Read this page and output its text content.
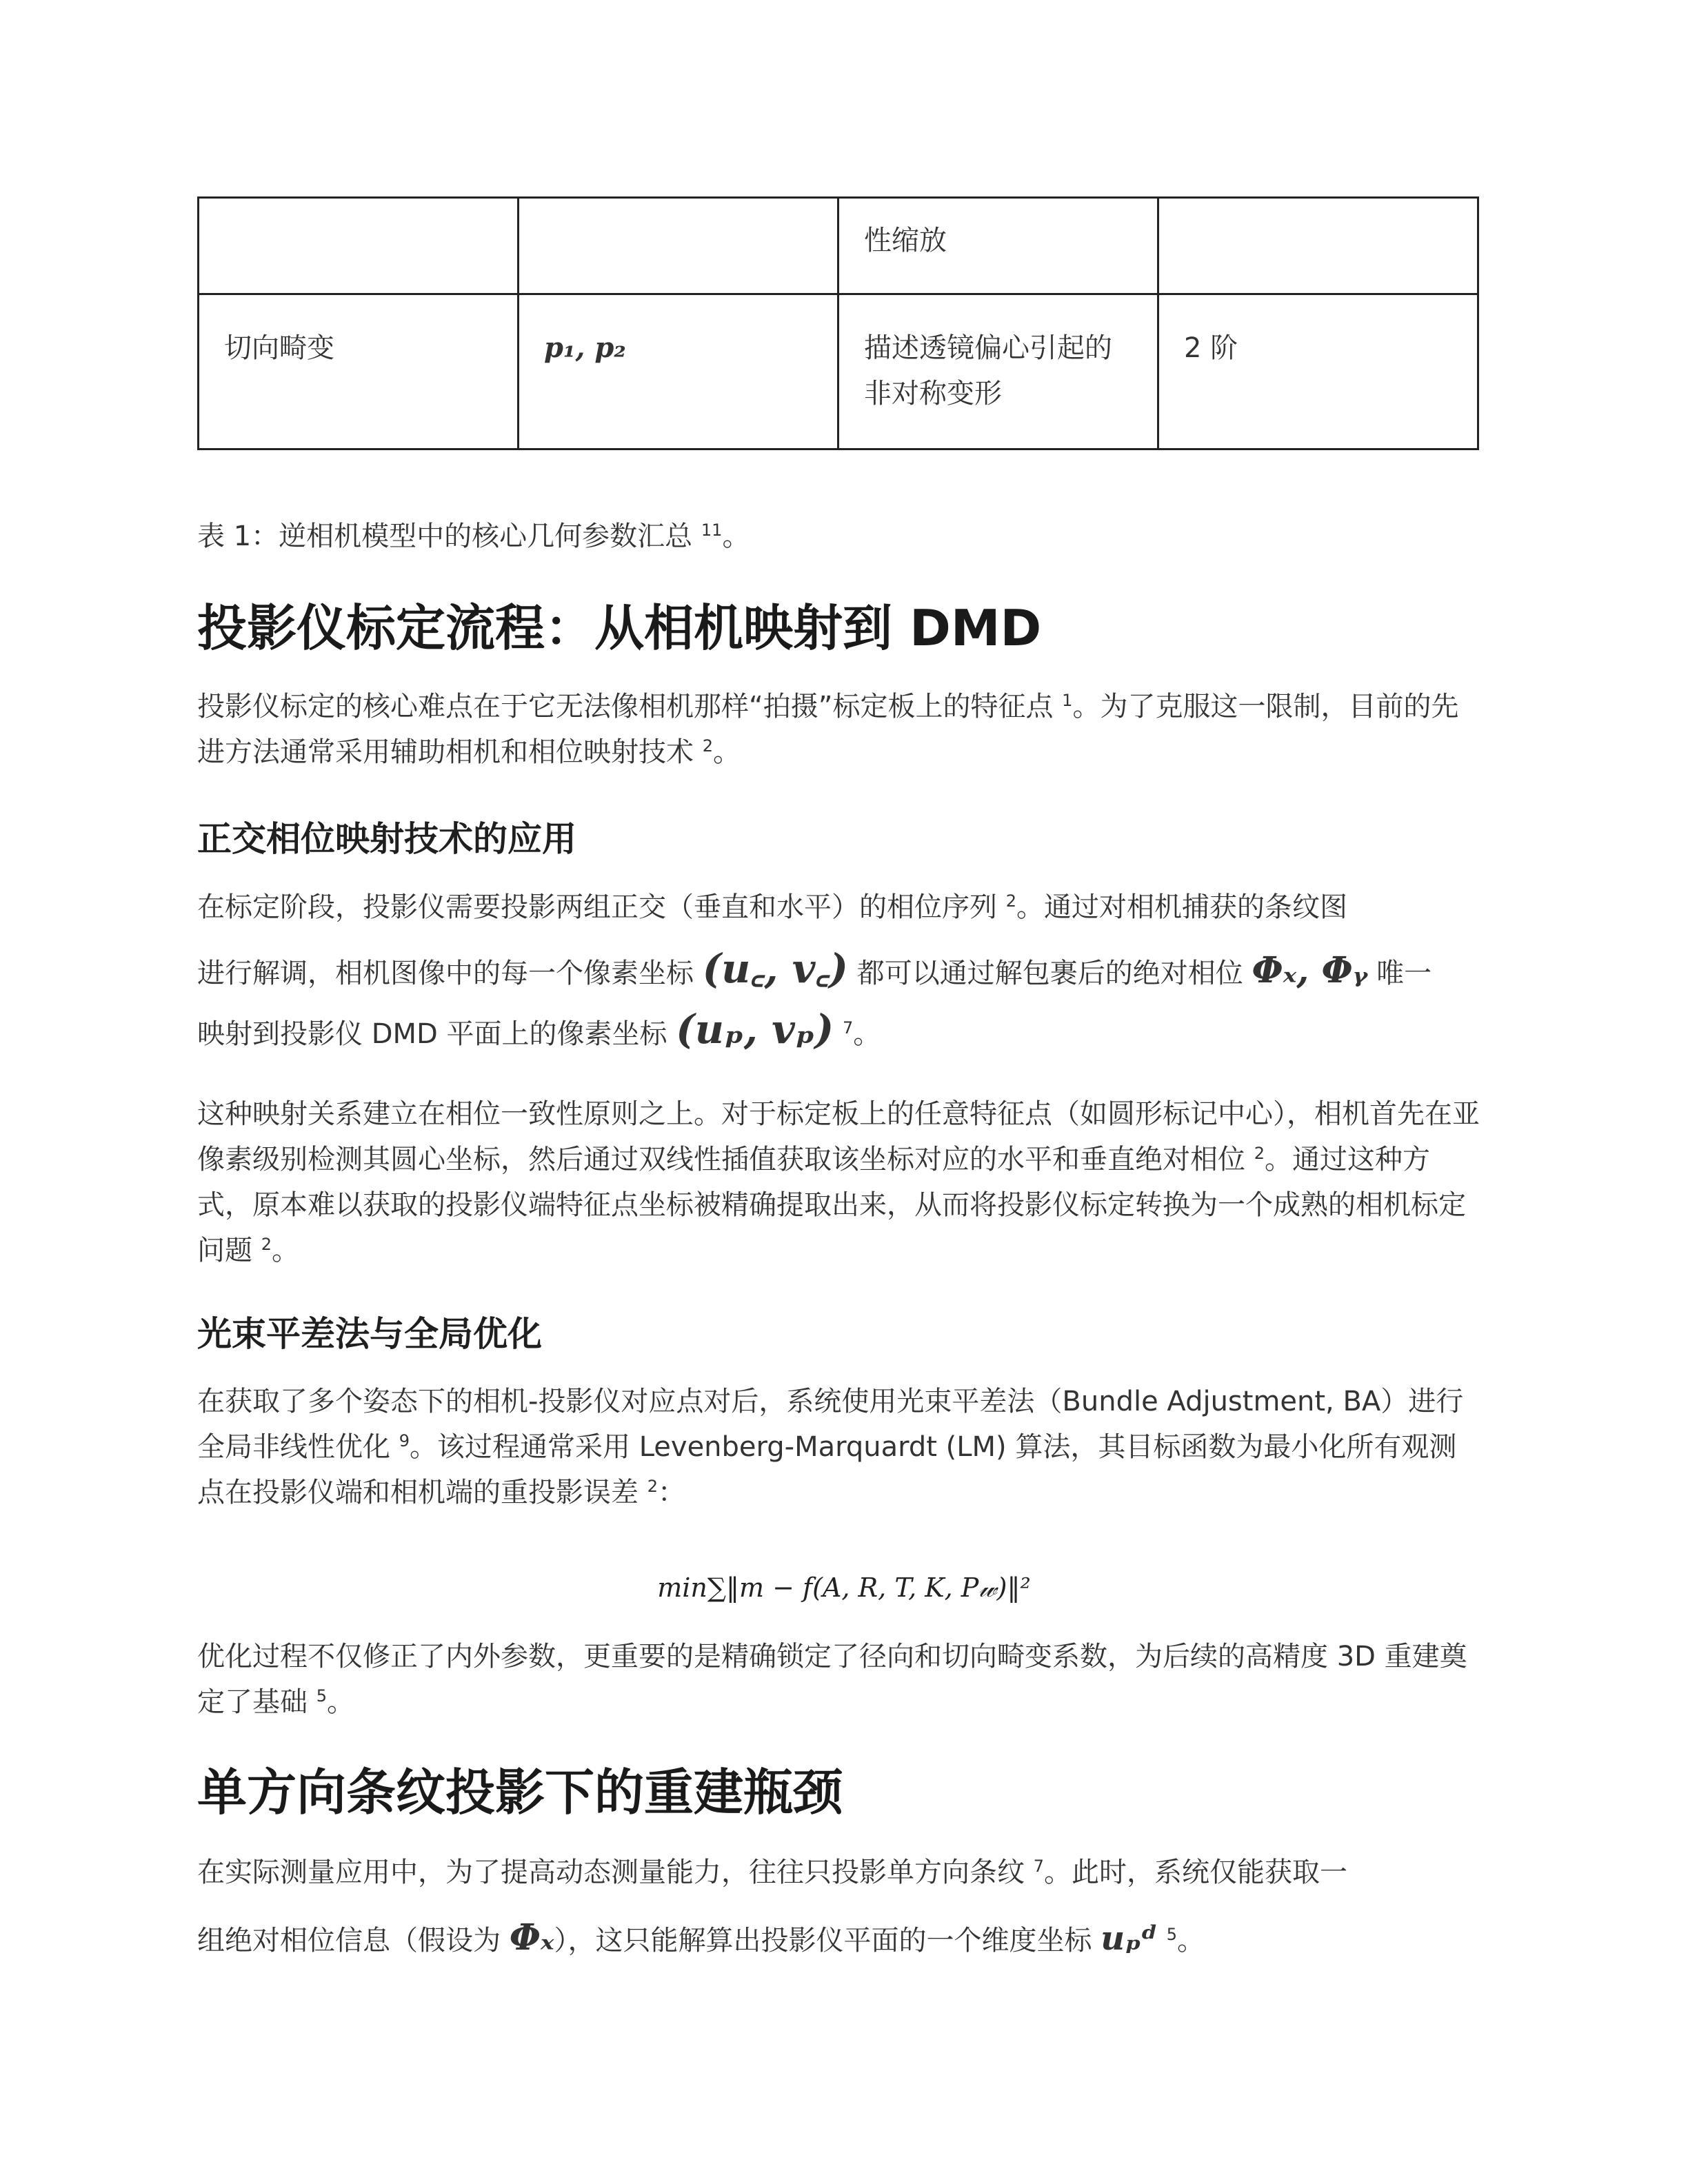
		性缩放	
切向畸变	p₁, p₂	描述透镜偏心引起的非对称变形	2 阶
表 1：逆相机模型中的核心几何参数汇总 $^{11}$。
投影仪标定流程：从相机映射到 DMD
投影仪标定的核心难点在于它无法像相机那样“拍摄”标定板上的特征点 $^1$。为了克服这一限制，目前的先进方法通常采用辅助相机和相位映射技术 $^2$。
正交相位映射技术的应用
在标定阶段，投影仪需要投影两组正交（垂直和水平）的相位序列 $^2$。通过对相机捕获的条纹图
进行解调，相机图像中的每一个像素坐标 (u꜀, v꜀) 都可以通过解包裹后的绝对相位 Φₓ, Φᵧ 唯一
映射到投影仪 DMD 平面上的像素坐标 (uₚ, vₚ) $^7$。
这种映射关系建立在相位一致性原则之上。对于标定板上的任意特征点（如圆形标记中心），相机首先在亚像素级别检测其圆心坐标，然后通过双线性插值获取该坐标对应的水平和垂直绝对相位 $^2$。通过这种方式，原本难以获取的投影仪端特征点坐标被精确提取出来，从而将投影仪标定转换为一个成熟的相机标定问题 $^2$。
光束平差法与全局优化
在获取了多个姿态下的相机-投影仪对应点对后，系统使用光束平差法（Bundle Adjustment, BA）进行全局非线性优化 $^9$。该过程通常采用 Levenberg-Marquardt (LM) 算法，其目标函数为最小化所有观测点在投影仪端和相机端的重投影误差 $^2$：
min∑‖m − f(A, R, T, K, P𝓌)‖²
优化过程不仅修正了内外参数，更重要的是精确锁定了径向和切向畸变系数，为后续的高精度 3D 重建奠定了基础 $^5$。
单方向条纹投影下的重建瓶颈
在实际测量应用中，为了提高动态测量能力，往往只投影单方向条纹 $^7$。此时，系统仅能获取一
组绝对相位信息（假设为 Φₓ），这只能解算出投影仪平面的一个维度坐标 uₚᵈ $^5$。
